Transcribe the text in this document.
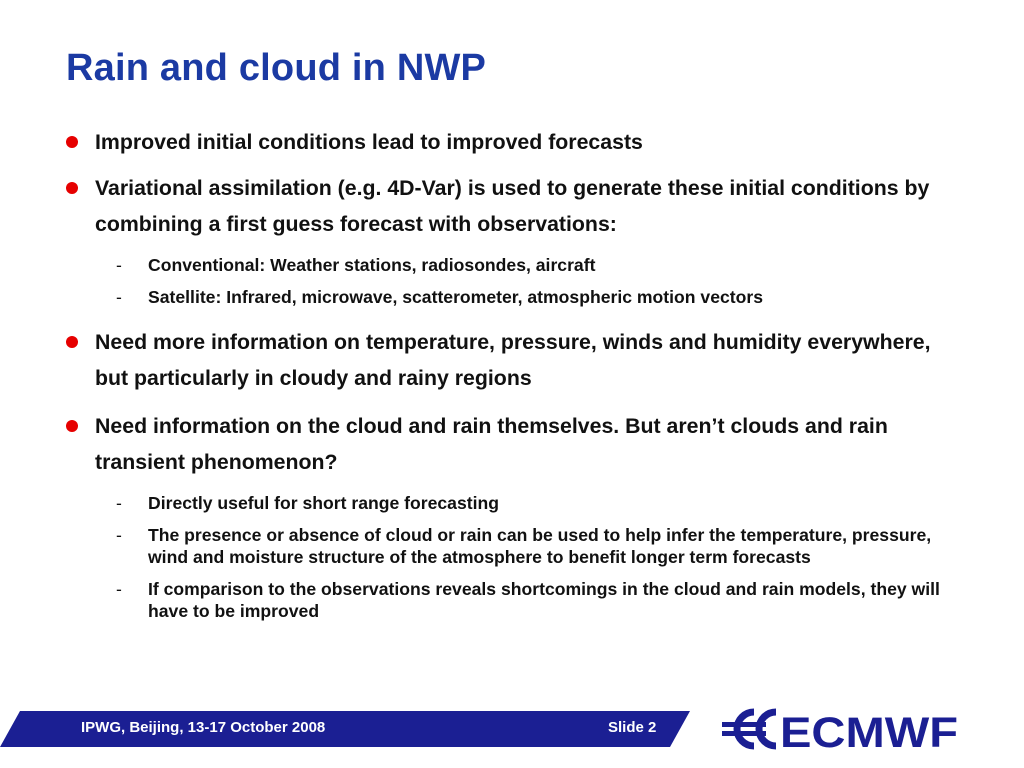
Rain and cloud in NWP
Improved initial conditions lead to improved forecasts
Variational assimilation (e.g. 4D-Var) is used to generate these initial conditions by combining a first guess forecast with observations:
- Conventional: Weather stations, radiosondes, aircraft
- Satellite: Infrared, microwave, scatterometer, atmospheric motion vectors
Need more information on temperature, pressure, winds and humidity everywhere, but particularly in cloudy and rainy regions
Need information on the cloud and rain themselves. But aren’t clouds and rain transient phenomenon?
- Directly useful for short range forecasting
- The presence or absence of cloud or rain can be used to help infer the temperature, pressure, wind and moisture structure of the atmosphere to benefit longer term forecasts
- If comparison to the observations reveals shortcomings in the cloud and rain models, they will have to be improved
IPWG, Beijing, 13-17 October 2008	Slide 2	ECMWF
